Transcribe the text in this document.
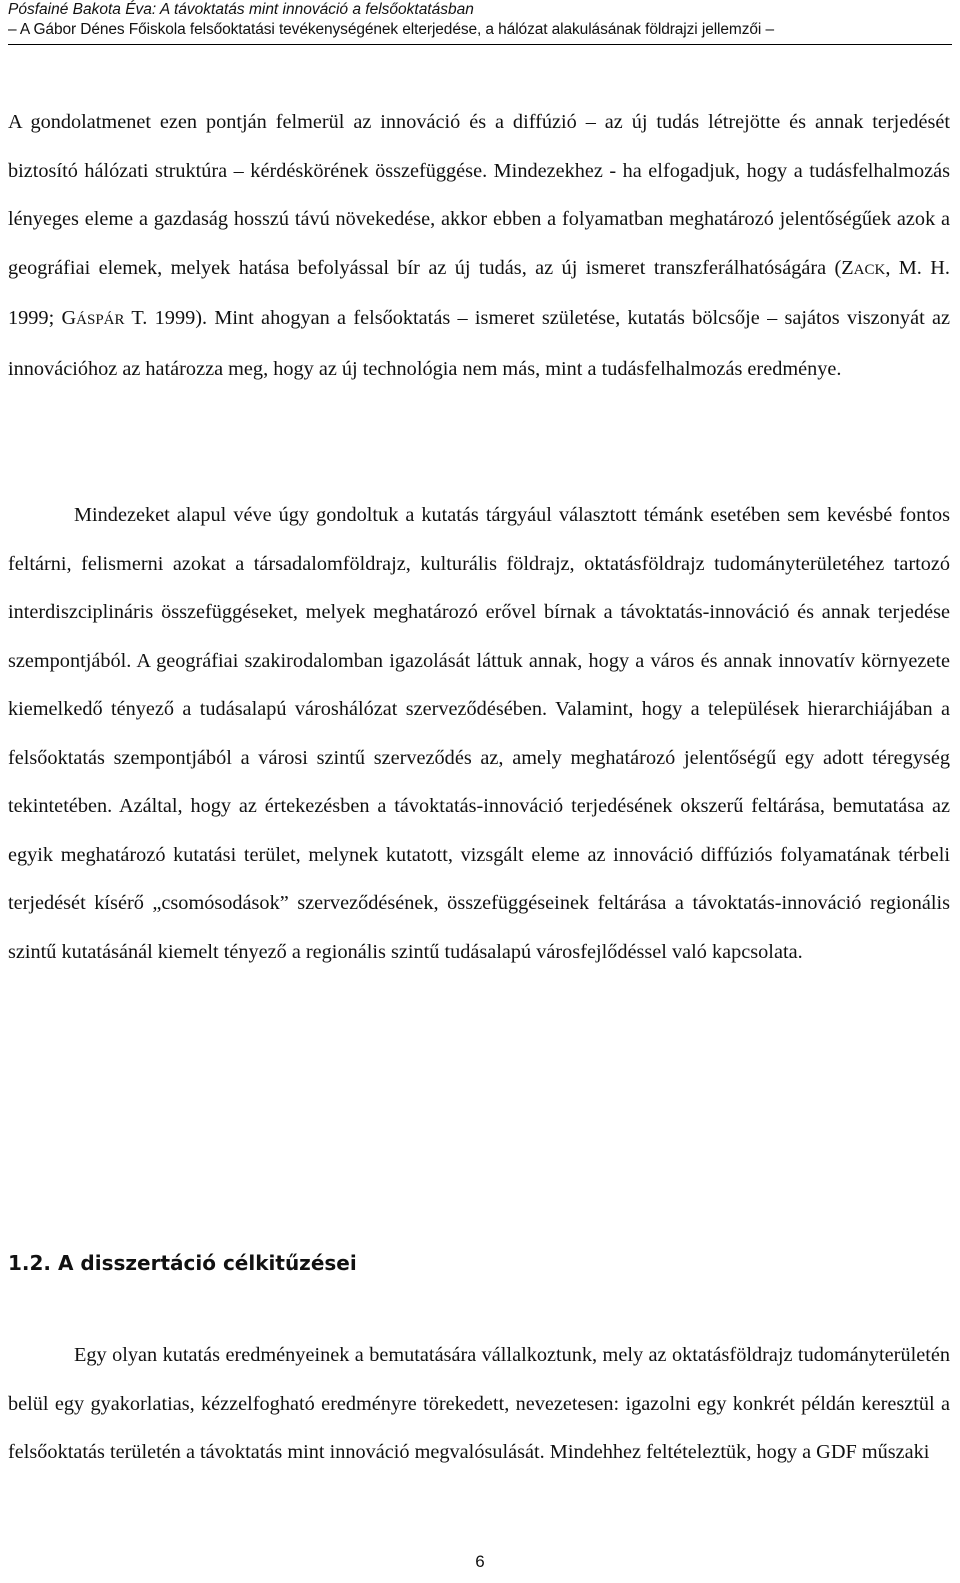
Pósfainé Bakota Éva: A távoktatás mint innováció a felsőoktatásban
– A Gábor Dénes Főiskola felsőoktatási tevékenységének elterjedése, a hálózat alakulásának földrajzi jellemzői –
A gondolatmenet ezen pontján felmerül az innováció és a diffúzió – az új tudás létrejötte és annak terjedését biztosító hálózati struktúra – kérdéskörének összefüggése. Mindezekhez - ha elfogadjuk, hogy a tudásfelhalmozás lényeges eleme a gazdaság hosszú távú növekedése, akkor ebben a folyamatban meghatározó jelentőségűek azok a geográfiai elemek, melyek hatása befolyással bír az új tudás, az új ismeret transzferálhatóságára (ZACK, M. H. 1999; GÁSPÁR T. 1999). Mint ahogyan a felsőoktatás – ismeret születése, kutatás bölcsője – sajátos viszonyát az innovációhoz az határozza meg, hogy az új technológia nem más, mint a tudásfelhalmozás eredménye.
Mindezeket alapul véve úgy gondoltuk a kutatás tárgyául választott témánk esetében sem kevésbé fontos feltárni, felismerni azokat a társadalomföldrajz, kulturális földrajz, oktatásföldrajz tudományterületéhez tartozó interdiszciplináris összefüggéseket, melyek meghatározó erővel bírnak a távoktatás-innováció és annak terjedése szempontjából. A geográfiai szakirodalomban igazolását láttuk annak, hogy a város és annak innovatív környezete kiemelkedő tényező a tudásalapú városhálózat szerveződésében. Valamint, hogy a települések hierarchiájában a felsőoktatás szempontjából a városi szintű szerveződés az, amely meghatározó jelentőségű egy adott téregység tekintetében. Azáltal, hogy az értekezésben a távoktatás-innováció terjedésének okszerű feltárása, bemutatása az egyik meghatározó kutatási terület, melynek kutatott, vizsgált eleme az innováció diffúziós folyamatának térbeli terjedését kísérő „csomósodások” szerveződésének, összefüggéseinek feltárása a távoktatás-innováció regionális szintű kutatásánál kiemelt tényező a regionális szintű tudásalapú városfejlődéssel való kapcsolata.
1.2. A disszertáció célkitűzései
Egy olyan kutatás eredményeinek a bemutatására vállalkoztunk, mely az oktatásföldrajz tudományterületén belül egy gyakorlatias, kézzelfogható eredményre törekedett, nevezetesen: igazolni egy konkrét példán keresztül a felsőoktatás területén a távoktatás mint innováció megvalósulását. Mindehhez feltételeztük, hogy a GDF műszaki
6
